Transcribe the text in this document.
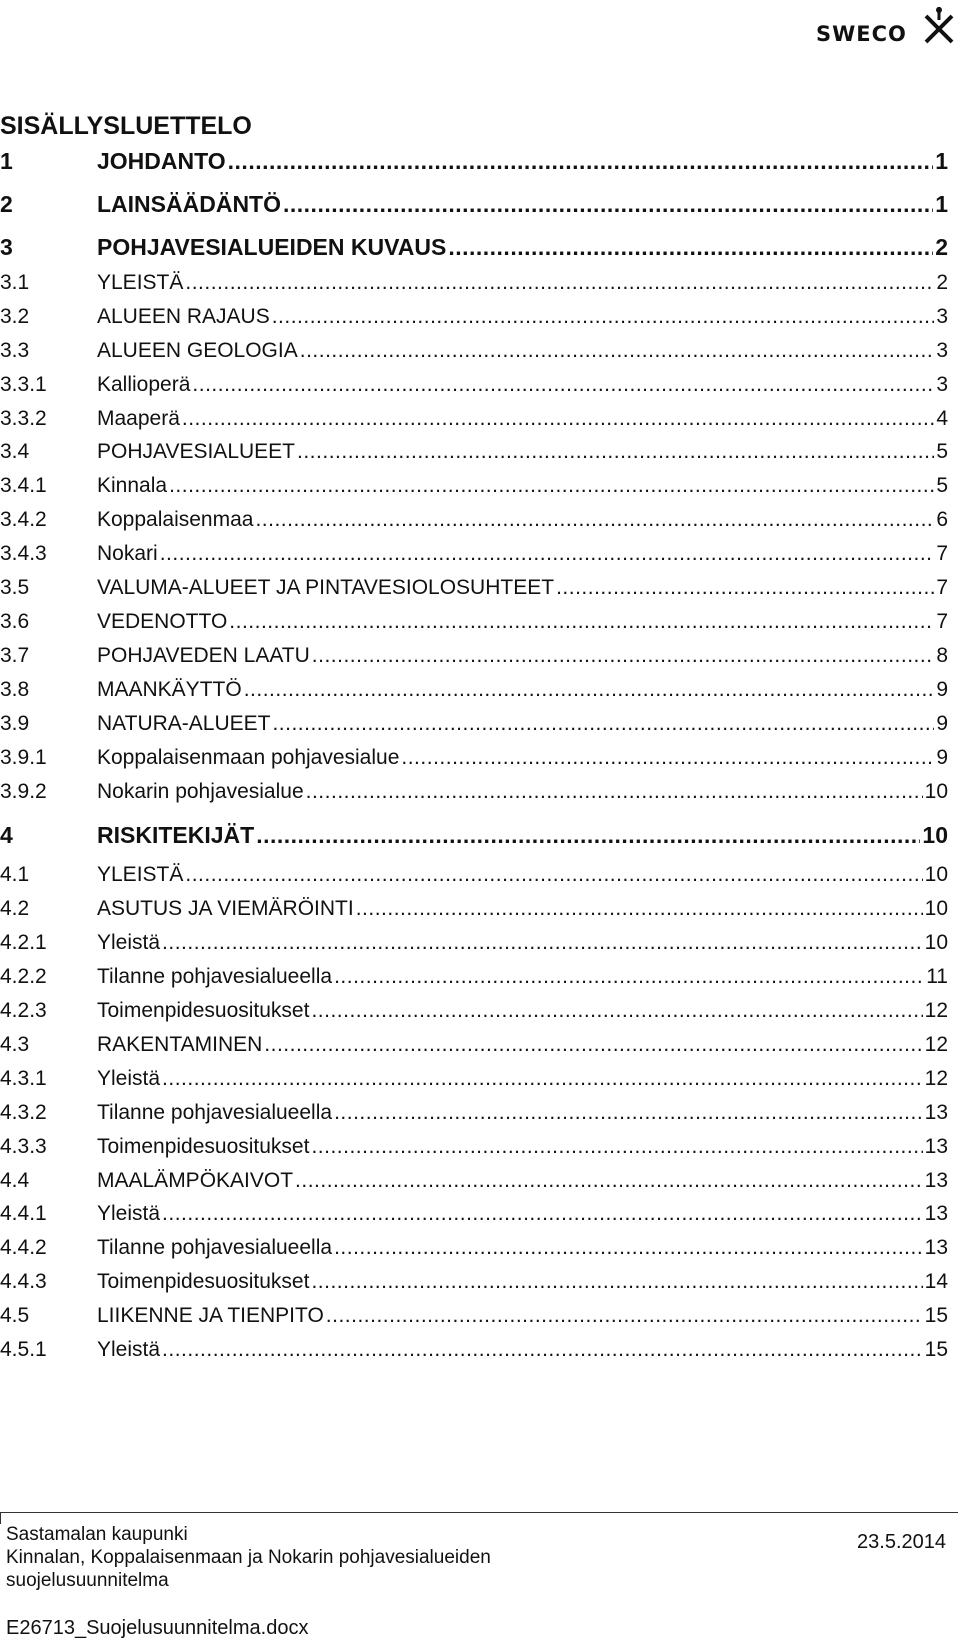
SWECO
SISÄLLYSLUETTELO
1	JOHDANTO .....	1
2	LAINSÄÄDÄNTÖ .....	1
3	POHJAVESIALUEIDEN KUVAUS .....	2
3.1	YLEISTÄ .....	2
3.2	ALUEEN RAJAUS .....	3
3.3	ALUEEN GEOLOGIA .....	3
3.3.1	Kallioperä .....	3
3.3.2	Maaperä .....	4
3.4	POHJAVESIALUEET .....	5
3.4.1	Kinnala .....	5
3.4.2	Koppalaisenmaa .....	6
3.4.3	Nokari .....	7
3.5	VALUMA-ALUEET JA PINTAVESIOLOSUHTEET .....	7
3.6	VEDENOTTO .....	7
3.7	POHJAVEDEN LAATU .....	8
3.8	MAANKÄYTTÖ .....	9
3.9	NATURA-ALUEET .....	9
3.9.1	Koppalaisenmaan pohjavesialue .....	9
3.9.2	Nokarin pohjavesialue .....	10
4	RISKITEKIJÄT .....	10
4.1	YLEISTÄ .....	10
4.2	ASUTUS JA VIEMÄRÖINTI .....	10
4.2.1	Yleistä .....	10
4.2.2	Tilanne pohjavesialueella .....	11
4.2.3	Toimenpidesuositukset .....	12
4.3	RAKENTAMINEN .....	12
4.3.1	Yleistä .....	12
4.3.2	Tilanne pohjavesialueella .....	13
4.3.3	Toimenpidesuositukset .....	13
4.4	MAALÄMPÖKAIVOT .....	13
4.4.1	Yleistä .....	13
4.4.2	Tilanne pohjavesialueella .....	13
4.4.3	Toimenpidesuositukset .....	14
4.5	LIIKENNE JA TIENPITO .....	15
4.5.1	Yleistä .....	15
Sastamalan kaupunki
Kinnalan, Koppalaisenmaan ja Nokarin pohjavesialueiden
suojelusuunnitelma
23.5.2014
E26713_Suojelusuunnitelma.docx
